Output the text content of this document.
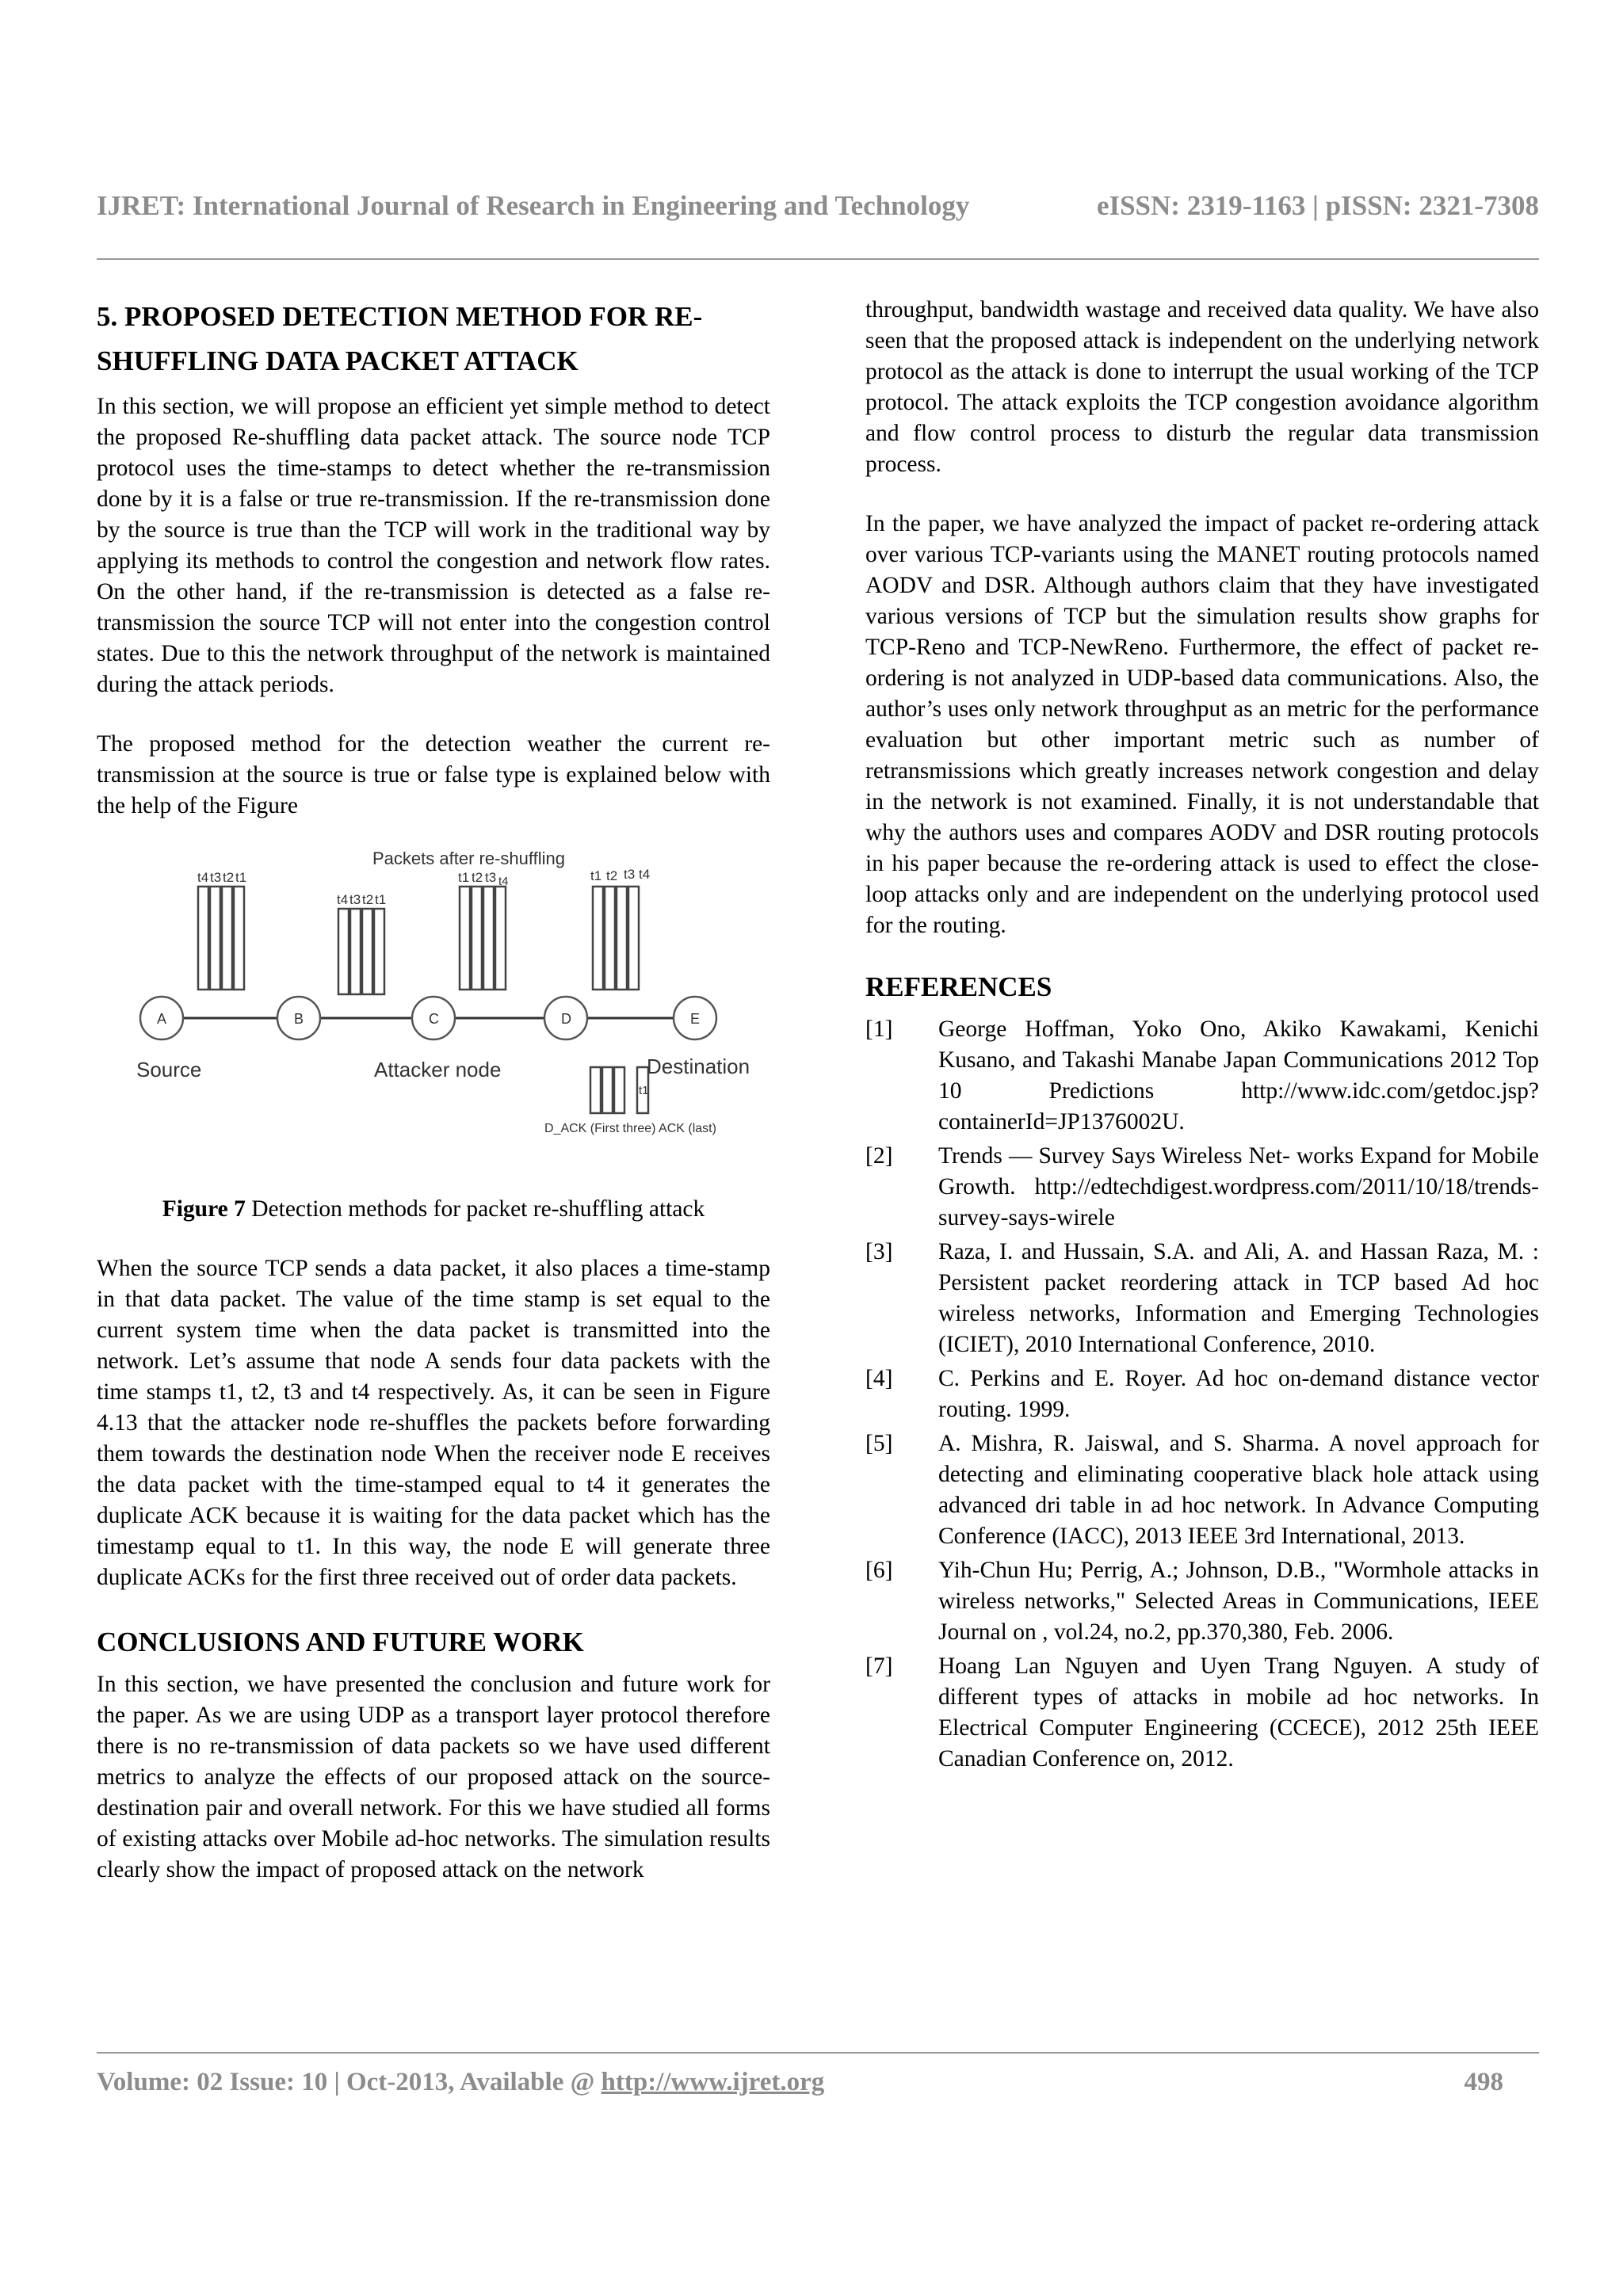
IJRET: International Journal of Research in Engineering and Technology	eISSN: 2319-1163 | pISSN: 2321-7308
5. PROPOSED DETECTION METHOD FOR RE-SHUFFLING DATA PACKET ATTACK

In this section, we will propose an efficient yet simple method to detect the proposed Re-shuffling data packet attack. The source node TCP protocol uses the time-stamps to detect whether the re-transmission done by it is a false or true re-transmission. If the re-transmission done by the source is true than the TCP will work in the traditional way by applying its methods to control the congestion and network flow rates. On the other hand, if the re-transmission is detected as a false re-transmission the source TCP will not enter into the congestion control states. Due to this the network throughput of the network is maintained during the attack periods.

The proposed method for the detection weather the current re-transmission at the source is true or false type is explained below with the help of the Figure

Packets after re-shuffling
t4 t3 t2 t1
t4 t3 t2 t1
t1 t2 t3 t4	t1 t2 t3 t4
A	B	C	D	E
Source	Attacker node	Destination
t1
D_ACK (First three) ACK (last)
Figure 7 Detection methods for packet re-shuffling attack

When the source TCP sends a data packet, it also places a time-stamp in that data packet. The value of the time stamp is set equal to the current system time when the data packet is transmitted into the network. Let’s assume that node A sends four data packets with the time stamps t1, t2, t3 and t4 respectively. As, it can be seen in Figure 4.13 that the attacker node re-shuffles the packets before forwarding them towards the destination node When the receiver node E receives the data packet with the time-stamped equal to t4 it generates the duplicate ACK because it is waiting for the data packet which has the timestamp equal to t1. In this way, the node E will generate three duplicate ACKs for the first three received out of order data packets.

CONCLUSIONS AND FUTURE WORK

In this section, we have presented the conclusion and future work for the paper. As we are using UDP as a transport layer protocol therefore there is no re-transmission of data packets so we have used different metrics to analyze the effects of our proposed attack on the source-destination pair and overall network. For this we have studied all forms of existing attacks over Mobile ad-hoc networks. The simulation results clearly show the impact of proposed attack on the network

throughput, bandwidth wastage and received data quality. We have also seen that the proposed attack is independent on the underlying network protocol as the attack is done to interrupt the usual working of the TCP protocol. The attack exploits the TCP congestion avoidance algorithm and flow control process to disturb the regular data transmission process.

In the paper, we have analyzed the impact of packet re-ordering attack over various TCP-variants using the MANET routing protocols named AODV and DSR. Although authors claim that they have investigated various versions of TCP but the simulation results show graphs for TCP-Reno and TCP-NewReno. Furthermore, the effect of packet re-ordering is not analyzed in UDP-based data communications. Also, the author’s uses only network throughput as an metric for the performance evaluation but other important metric such as number of retransmissions which greatly increases network congestion and delay in the network is not examined. Finally, it is not understandable that why the authors uses and compares AODV and DSR routing protocols in his paper because the re-ordering attack is used to effect the close-loop attacks only and are independent on the underlying protocol used for the routing.

REFERENCES
[1]	George Hoffman, Yoko Ono, Akiko Kawakami, Kenichi Kusano, and Takashi Manabe Japan Communications 2012 Top 10 Predictions http://www.idc.com/getdoc.jsp?containerId=JP1376002U.
[2]	Trends — Survey Says Wireless Net- works Expand for Mobile Growth. http://edtechdigest.wordpress.com/2011/10/18/trends-survey-says-wirele
[3]	Raza, I. and Hussain, S.A. and Ali, A. and Hassan Raza, M. : Persistent packet reordering attack in TCP based Ad hoc wireless networks, Information and Emerging Technologies (ICIET), 2010 International Conference, 2010.
[4]	C. Perkins and E. Royer. Ad hoc on-demand distance vector routing. 1999.
[5]	A. Mishra, R. Jaiswal, and S. Sharma. A novel approach for detecting and eliminating cooperative black hole attack using advanced dri table in ad hoc network. In Advance Computing Conference (IACC), 2013 IEEE 3rd International, 2013.
[6]	Yih-Chun Hu; Perrig, A.; Johnson, D.B., "Wormhole attacks in wireless networks," Selected Areas in Communications, IEEE Journal on , vol.24, no.2, pp.370,380, Feb. 2006.
[7]	Hoang Lan Nguyen and Uyen Trang Nguyen. A study of different types of attacks in mobile ad hoc networks. In Electrical Computer Engineering (CCECE), 2012 25th IEEE Canadian Conference on, 2012.
Volume: 02 Issue: 10 | Oct-2013, Available @ http://www.ijret.org	498
